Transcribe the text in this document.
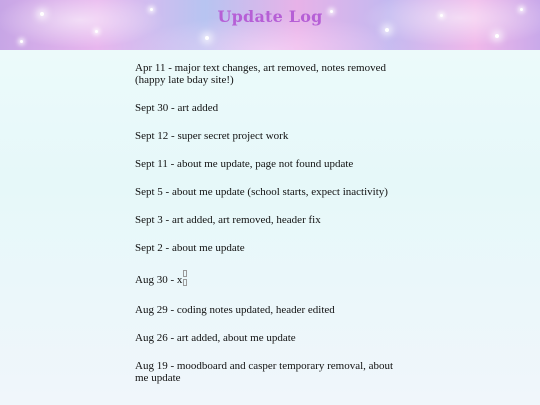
Update Log
Apr 11 - major text changes, art removed, notes removed (happy late bday site!)
Sept 30 - art added
Sept 12 - super secret project work
Sept 11 - about me update, page not found update
Sept 5 - about me update (school starts, expect inactivity)
Sept 3 - art added, art removed, header fix
Sept 2 - about me update
Aug 30 - x
Aug 29 - coding notes updated, header edited
Aug 26 - art added, about me update
Aug 19 - moodboard and casper temporary removal, about me update
